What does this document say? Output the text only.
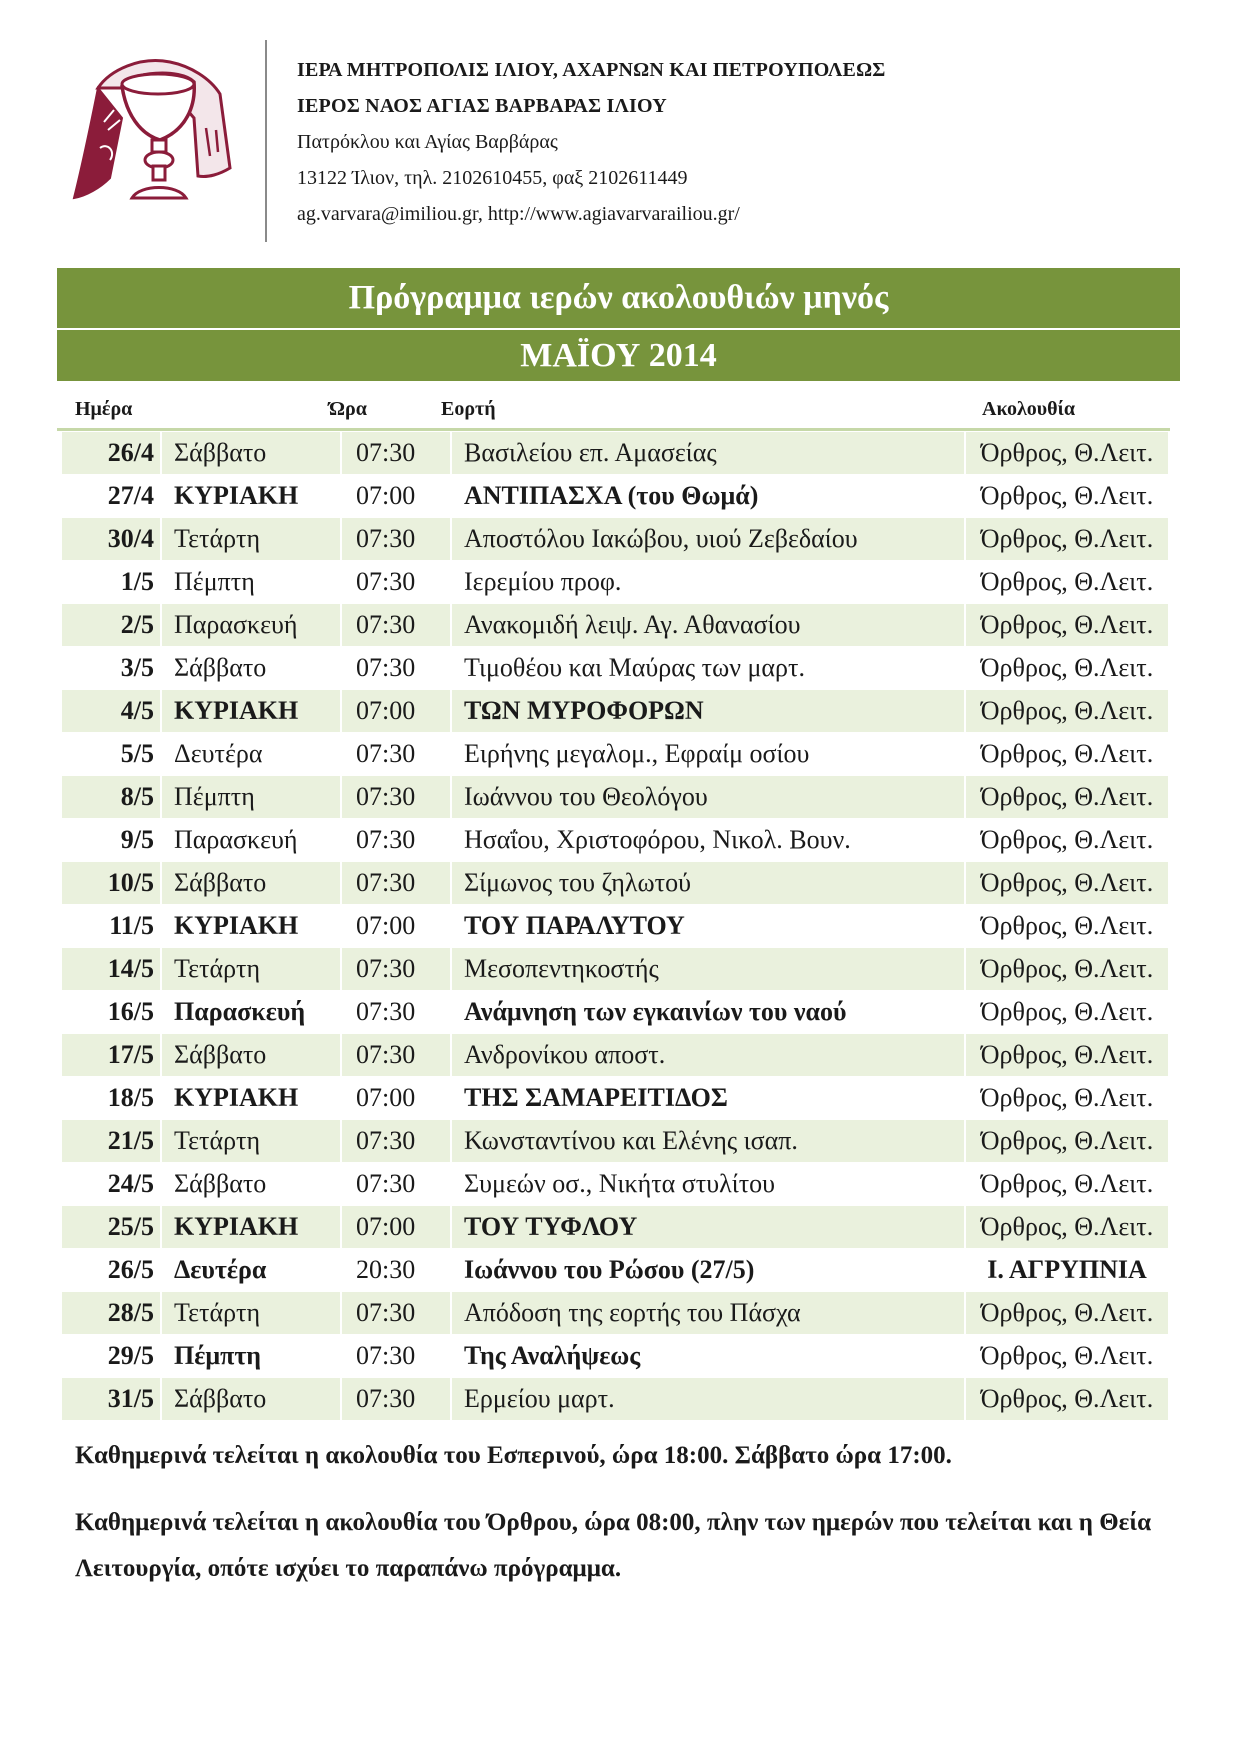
ΙΕΡΑ ΜΗΤΡΟΠΟΛΙΣ ΙΛΙΟΥ, ΑΧΑΡΝΩΝ ΚΑΙ ΠΕΤΡΟΥΠΟΛΕΩΣ
ΙΕΡΟΣ ΝΑΟΣ ΑΓΙΑΣ ΒΑΡΒΑΡΑΣ ΙΛΙΟΥ
Πατρόκλου και Αγίας Βαρβάρας
13122 Ίλιον, τηλ. 2102610455, φαξ 2102611449
ag.varvara@imiliou.gr, http://www.agiavarvarailiou.gr/
Πρόγραμμα ιερών ακολουθιών μηνός
ΜΑΪΟΥ 2014
Ημέρα	Ώρα	Εορτή	Ακολουθία
26/4	Σάββατο	07:30	Βασιλείου επ. Αμασείας	Όρθρος, Θ.Λειτ.
27/4	ΚΥΡΙΑΚΗ	07:00	ΑΝΤΙΠΑΣΧΑ (του Θωμά)	Όρθρος, Θ.Λειτ.
30/4	Τετάρτη	07:30	Αποστόλου Ιακώβου, υιού Ζεβεδαίου	Όρθρος, Θ.Λειτ.
1/5	Πέμπτη	07:30	Ιερεμίου προφ.	Όρθρος, Θ.Λειτ.
2/5	Παρασκευή	07:30	Ανακομιδή λειψ. Αγ. Αθανασίου	Όρθρος, Θ.Λειτ.
3/5	Σάββατο	07:30	Τιμοθέου και Μαύρας των μαρτ.	Όρθρος, Θ.Λειτ.
4/5	ΚΥΡΙΑΚΗ	07:00	ΤΩΝ ΜΥΡΟΦΟΡΩΝ	Όρθρος, Θ.Λειτ.
5/5	Δευτέρα	07:30	Ειρήνης μεγαλομ., Εφραίμ οσίου	Όρθρος, Θ.Λειτ.
8/5	Πέμπτη	07:30	Ιωάννου του Θεολόγου	Όρθρος, Θ.Λειτ.
9/5	Παρασκευή	07:30	Ησαΐου, Χριστοφόρου, Νικολ. Βουν.	Όρθρος, Θ.Λειτ.
10/5	Σάββατο	07:30	Σίμωνος του ζηλωτού	Όρθρος, Θ.Λειτ.
11/5	ΚΥΡΙΑΚΗ	07:00	ΤΟΥ ΠΑΡΑΛΥΤΟΥ	Όρθρος, Θ.Λειτ.
14/5	Τετάρτη	07:30	Μεσοπεντηκοστής	Όρθρος, Θ.Λειτ.
16/5	Παρασκευή	07:30	Ανάμνηση των εγκαινίων του ναού	Όρθρος, Θ.Λειτ.
17/5	Σάββατο	07:30	Ανδρονίκου αποστ.	Όρθρος, Θ.Λειτ.
18/5	ΚΥΡΙΑΚΗ	07:00	ΤΗΣ ΣΑΜΑΡΕΙΤΙΔΟΣ	Όρθρος, Θ.Λειτ.
21/5	Τετάρτη	07:30	Κωνσταντίνου και Ελένης ισαπ.	Όρθρος, Θ.Λειτ.
24/5	Σάββατο	07:30	Συμεών οσ., Νικήτα στυλίτου	Όρθρος, Θ.Λειτ.
25/5	ΚΥΡΙΑΚΗ	07:00	ΤΟΥ ΤΥΦΛΟΥ	Όρθρος, Θ.Λειτ.
26/5	Δευτέρα	20:30	Ιωάννου του Ρώσου (27/5)	Ι. ΑΓΡΥΠΝΙΑ
28/5	Τετάρτη	07:30	Απόδοση της εορτής του Πάσχα	Όρθρος, Θ.Λειτ.
29/5	Πέμπτη	07:30	Της Αναλήψεως	Όρθρος, Θ.Λειτ.
31/5	Σάββατο	07:30	Ερμείου μαρτ.	Όρθρος, Θ.Λειτ.
Καθημερινά τελείται η ακολουθία του Εσπερινού, ώρα 18:00. Σάββατο ώρα 17:00.
Καθημερινά τελείται η ακολουθία του Όρθρου, ώρα 08:00, πλην των ημερών που τελείται και η Θεία Λειτουργία, οπότε ισχύει το παραπάνω πρόγραμμα.
